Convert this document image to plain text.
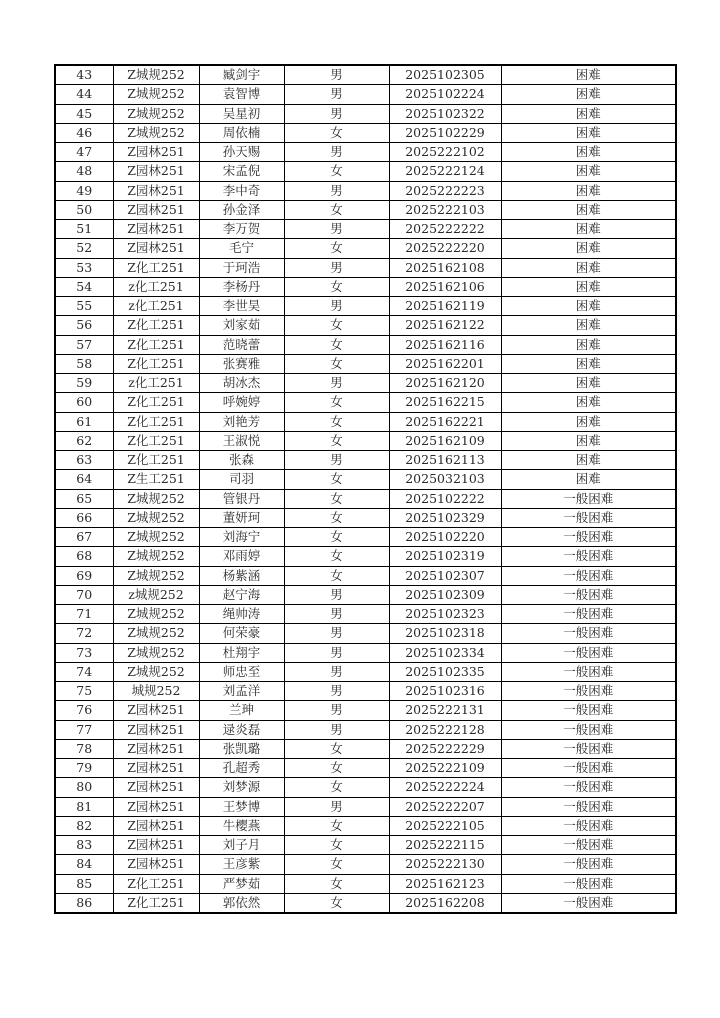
43	Z城规252	臧剑宇	男	2025102305	困难
44	Z城规252	袁智博	男	2025102224	困难
45	Z城规252	吴星初	男	2025102322	困难
46	Z城规252	周依楠	女	2025102229	困难
47	Z园林251	孙天赐	男	2025222102	困难
48	Z园林251	宋孟倪	女	2025222124	困难
49	Z园林251	李中奇	男	2025222223	困难
50	Z园林251	孙金泽	女	2025222103	困难
51	Z园林251	李万贺	男	2025222222	困难
52	Z园林251	毛宁	女	2025222220	困难
53	Z化工251	于珂浩	男	2025162108	困难
54	z化工251	李杨丹	女	2025162106	困难
55	z化工251	李世昊	男	2025162119	困难
56	Z化工251	刘家茹	女	2025162122	困难
57	Z化工251	范晓蕾	女	2025162116	困难
58	Z化工251	张赛雅	女	2025162201	困难
59	z化工251	胡冰杰	男	2025162120	困难
60	Z化工251	呼婉婷	女	2025162215	困难
61	Z化工251	刘艳芳	女	2025162221	困难
62	Z化工251	王淑悦	女	2025162109	困难
63	Z化工251	张森	男	2025162113	困难
64	Z生工251	司羽	女	2025032103	困难
65	Z城规252	管银丹	女	2025102222	一般困难
66	Z城规252	董妍珂	女	2025102329	一般困难
67	Z城规252	刘海宁	女	2025102220	一般困难
68	Z城规252	邓雨婷	女	2025102319	一般困难
69	Z城规252	杨紫涵	女	2025102307	一般困难
70	z城规252	赵宁海	男	2025102309	一般困难
71	Z城规252	绳帅涛	男	2025102323	一般困难
72	Z城规252	何荣豪	男	2025102318	一般困难
73	Z城规252	杜翔宇	男	2025102334	一般困难
74	Z城规252	师忠至	男	2025102335	一般困难
75	城规252	刘孟洋	男	2025102316	一般困难
76	Z园林251	兰珅	男	2025222131	一般困难
77	Z园林251	逯炎磊	男	2025222128	一般困难
78	Z园林251	张凯璐	女	2025222229	一般困难
79	Z园林251	孔超秀	女	2025222109	一般困难
80	Z园林251	刘梦源	女	2025222224	一般困难
81	Z园林251	王梦博	男	2025222207	一般困难
82	Z园林251	牛樱燕	女	2025222105	一般困难
83	Z园林251	刘子月	女	2025222115	一般困难
84	Z园林251	王彦紫	女	2025222130	一般困难
85	Z化工251	严梦茹	女	2025162123	一般困难
86	Z化工251	郭依然	女	2025162208	一般困难
